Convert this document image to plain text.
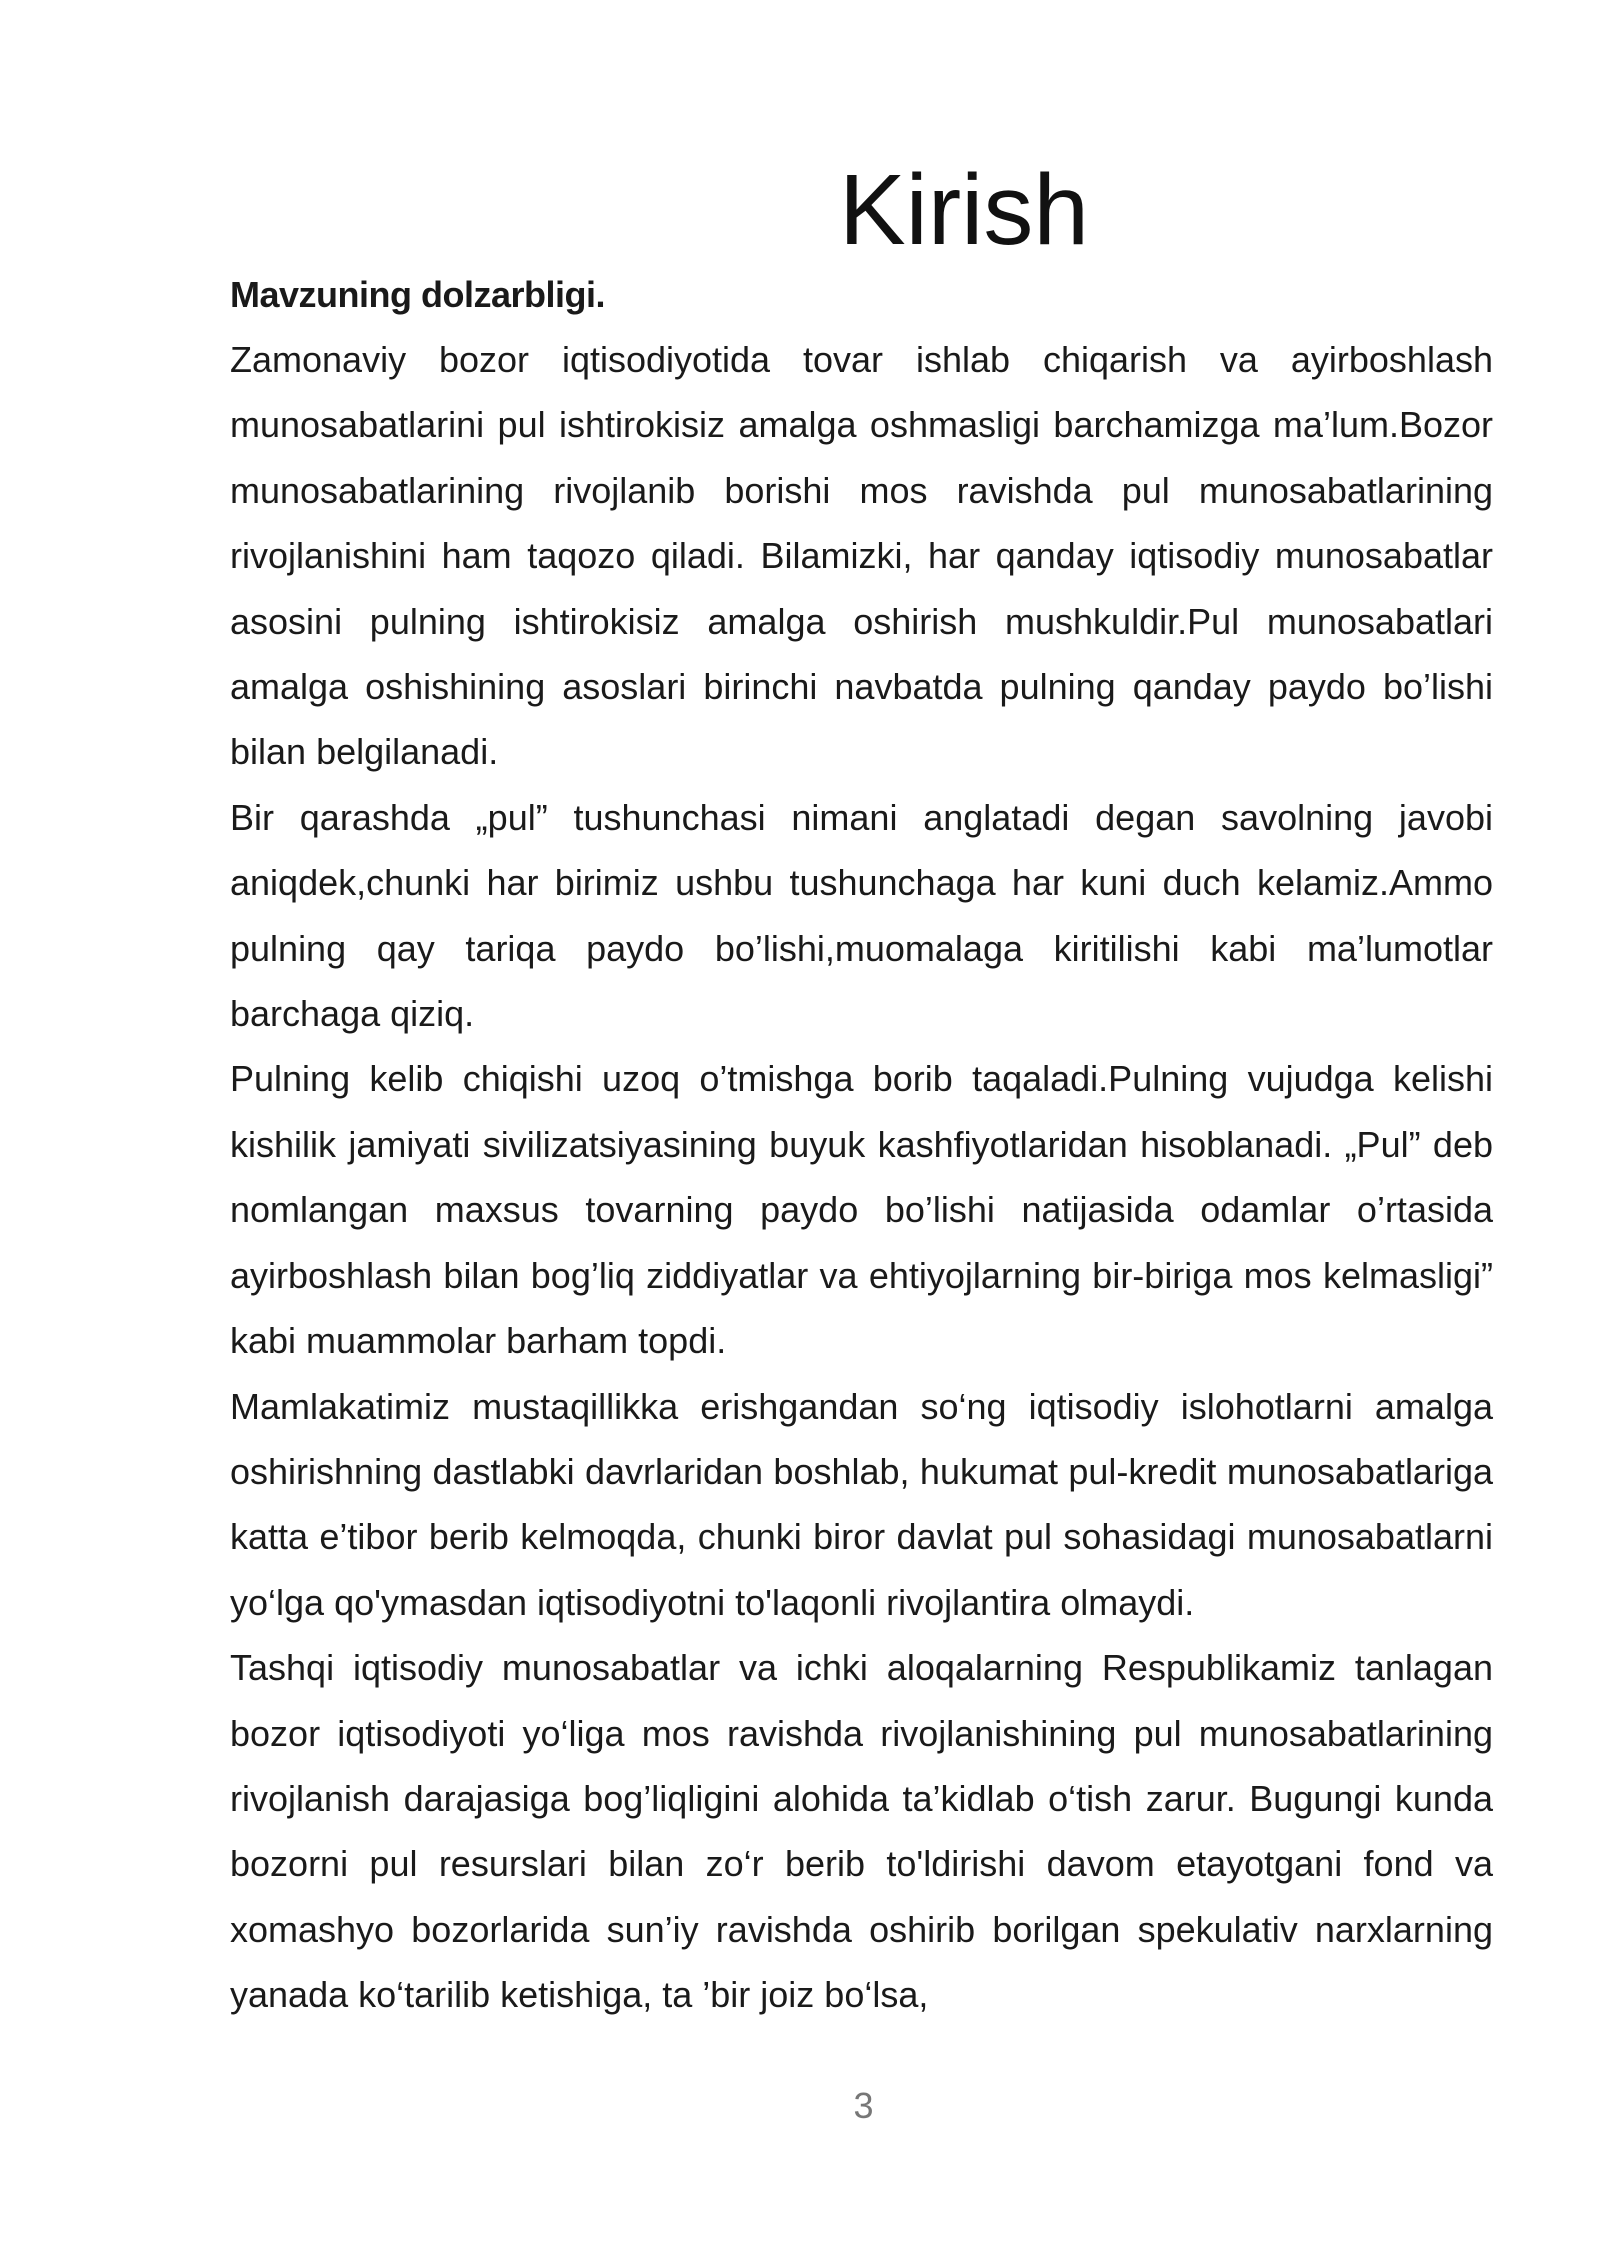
Kirish
Mavzuning dolzarbligi.

Zamonaviy bozor iqtisodiyotida tovar ishlab chiqarish va ayirboshlash munosabatlarini pul ishtirokisiz amalga oshmasligi barchamizga ma’lum.Bozor munosabatlarining rivojlanib borishi mos ravishda pul munosabatlarining rivojlanishini ham taqozo qiladi. Bilamizki, har qanday iqtisodiy munosabatlar asosini pulning ishtirokisiz amalga oshirish mushkuldir.Pul munosabatlari amalga oshishining asoslari birinchi navbatda pulning qanday paydo bo’lishi bilan belgilanadi.

Bir qarashda „pul” tushunchasi nimani anglatadi degan savolning javobi aniqdek,chunki har birimiz ushbu tushunchaga har kuni duch kelamiz.Ammo pulning qay tariqa paydo bo’lishi,muomalaga kiritilishi kabi ma’lumotlar barchaga qiziq.

Pulning kelib chiqishi uzoq o’tmishga borib taqaladi.Pulning vujudga kelishi kishilik jamiyati sivilizatsiyasining buyuk kashfiyotlaridan hisoblanadi. „Pul” deb nomlangan maxsus tovarning paydo bo’lishi natijasida odamlar o’rtasida ayirboshlash bilan bog’liq ziddiyatlar va ehtiyojlarning bir-biriga mos kelmasligi” kabi muammolar barham topdi.

Mamlakatimiz mustaqillikka erishgandan so‘ng iqtisodiy islohotlarni amalga oshirishning dastlabki davrlaridan boshlab, hukumat pul-kredit munosabatlariga katta e’tibor berib kelmoqda, chunki biror davlat pul sohasidagi munosabatlarni yo‘lga qo'ymasdan iqtisodiyotni to'laqonli rivojlantira olmaydi.

Tashqi iqtisodiy munosabatlar va ichki aloqalarning Respublikamiz tanlagan bozor iqtisodiyoti yo‘liga mos ravishda rivojlanishining pul munosabatlarining rivojlanish darajasiga bog’liqligini alohida ta’kidlab o‘tish zarur. Bugungi kunda bozorni pul resurslari bilan zo‘r berib to'ldirishi davom etayotgani fond va xomashyo bozorlarida sun’iy ravishda oshirib borilgan spekulativ narxlarning yanada ko‘tarilib ketishiga, ta ’bir joiz bo‘lsa,

3
